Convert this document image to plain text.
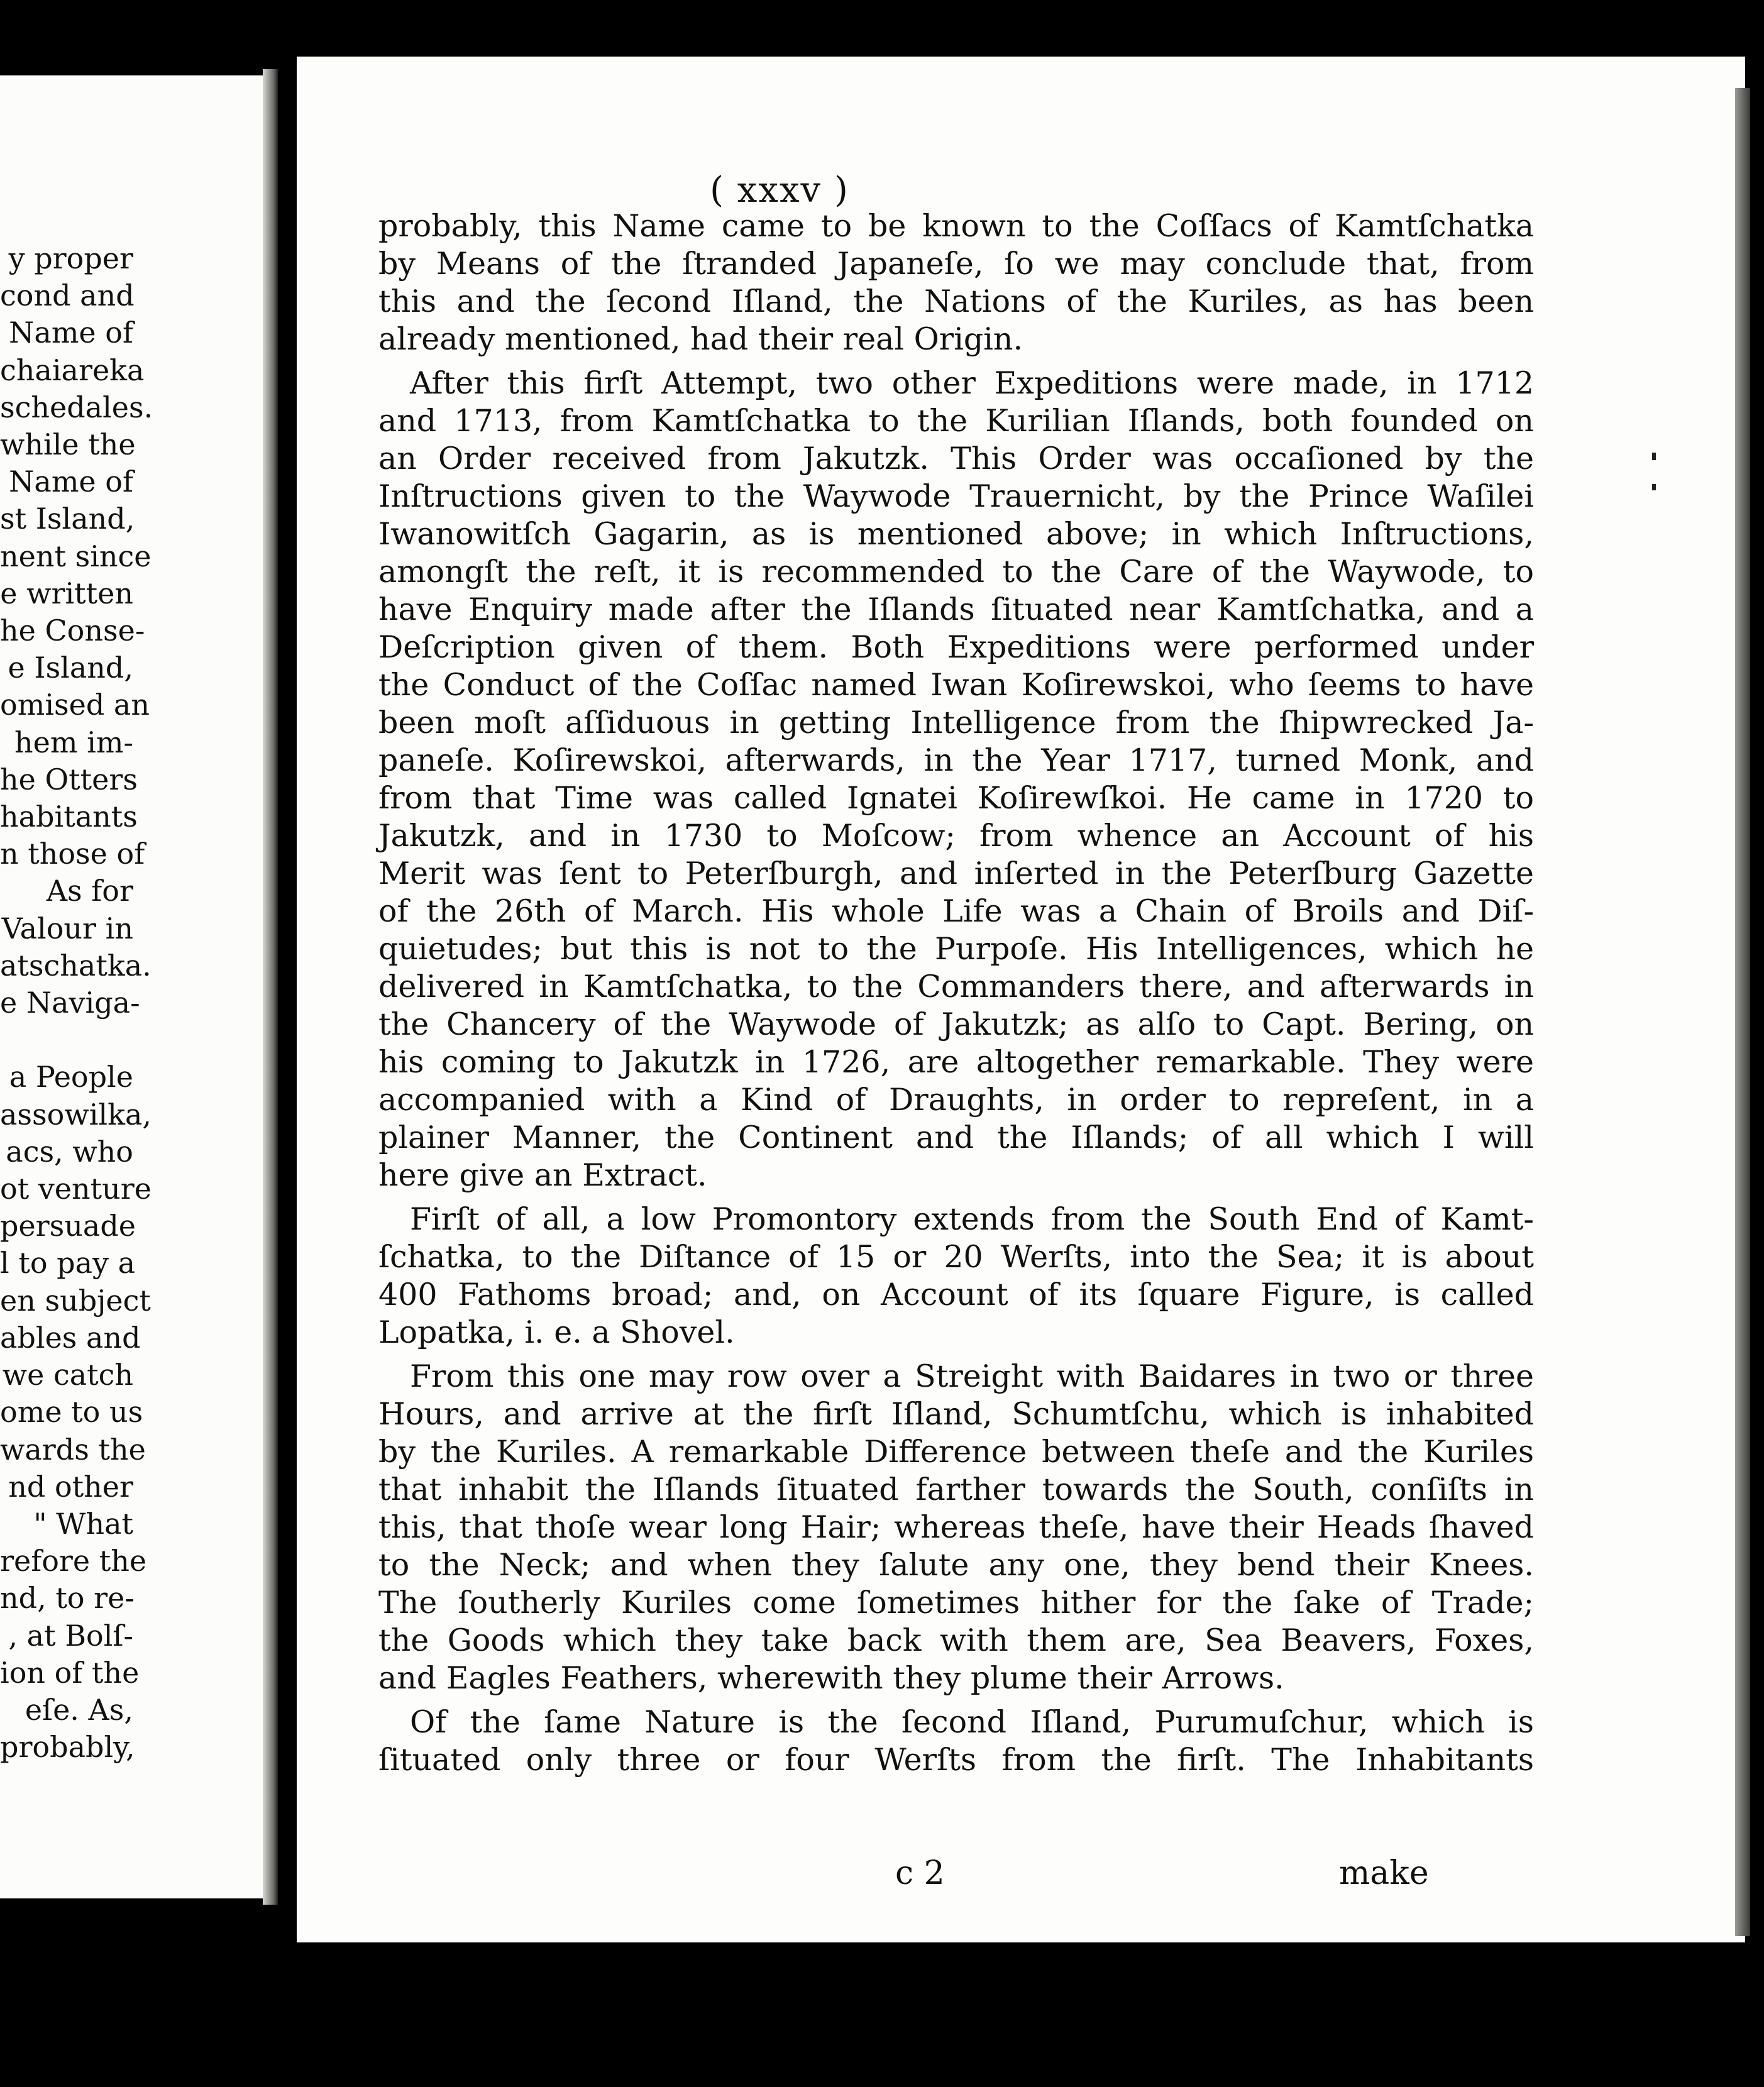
y proper
cond and
Name of
chaiareka
schedales.
while the
Name of
st Island,
nent since
e written
he Conse-
e Island,
omised an
hem im-
he Otters
habitants
n those of
As for
Valour in
atschatka.
e Naviga-

a People
assowilka,
acs, who
ot venture
persuade
l to pay a
en subject
ables and
we catch
ome to us
wards the
nd other
" What
refore the
nd, to re-
, at Bolſ-
ion of the
eſe. As,
probably,
( xxxv )
probably, this Name came to be known to the Coſſacs of Kamtſchatka
by Means of the ſtranded Japaneſe, ſo we may conclude that, from
this and the ſecond Iſland, the Nations of the Kuriles, as has been
already mentioned, had their real Origin.
After this firſt Attempt, two other Expeditions were made, in 1712
and 1713, from Kamtſchatka to the Kurilian Iſlands, both founded on
an Order received from Jakutzk. This Order was occaſioned by the
Inſtructions given to the Waywode Trauernicht, by the Prince Waſilei
Iwanowitſch Gagarin, as is mentioned above; in which Inſtructions,
amongſt the reſt, it is recommended to the Care of the Waywode, to
have Enquiry made after the Iſlands ſituated near Kamtſchatka, and a
Deſcription given of them. Both Expeditions were performed under
the Conduct of the Coſſac named Iwan Koſirewskoi, who ſeems to have
been moſt aſſiduous in getting Intelligence from the ſhipwrecked Ja-
paneſe. Koſirewskoi, afterwards, in the Year 1717, turned Monk, and
from that Time was called Ignatei Koſirewſkoi. He came in 1720 to
Jakutzk, and in 1730 to Moſcow; from whence an Account of his
Merit was ſent to Peterſburgh, and inſerted in the Peterſburg Gazette
of the 26th of March. His whole Life was a Chain of Broils and Diſ-
quietudes; but this is not to the Purpoſe. His Intelligences, which he
delivered in Kamtſchatka, to the Commanders there, and afterwards in
the Chancery of the Waywode of Jakutzk; as alſo to Capt. Bering, on
his coming to Jakutzk in 1726, are altogether remarkable. They were
accompanied with a Kind of Draughts, in order to repreſent, in a
plainer Manner, the Continent and the Iſlands; of all which I will
here give an Extract.
Firſt of all, a low Promontory extends from the South End of Kamt-
ſchatka, to the Diſtance of 15 or 20 Werſts, into the Sea; it is about
400 Fathoms broad; and, on Account of its ſquare Figure, is called
Lopatka, i. e. a Shovel.
From this one may row over a Streight with Baidares in two or three
Hours, and arrive at the firſt Iſland, Schumtſchu, which is inhabited
by the Kuriles. A remarkable Difference between theſe and the Kuriles
that inhabit the Iſlands ſituated farther towards the South, conſiſts in
this, that thoſe wear long Hair; whereas theſe, have their Heads ſhaved
to the Neck; and when they ſalute any one, they bend their Knees.
The ſoutherly Kuriles come ſometimes hither for the ſake of Trade;
the Goods which they take back with them are, Sea Beavers, Foxes,
and Eagles Feathers, wherewith they plume their Arrows.
Of the ſame Nature is the ſecond Iſland, Purumuſchur, which is
ſituated only three or four Werſts from the firſt. The Inhabitants
c 2	make
